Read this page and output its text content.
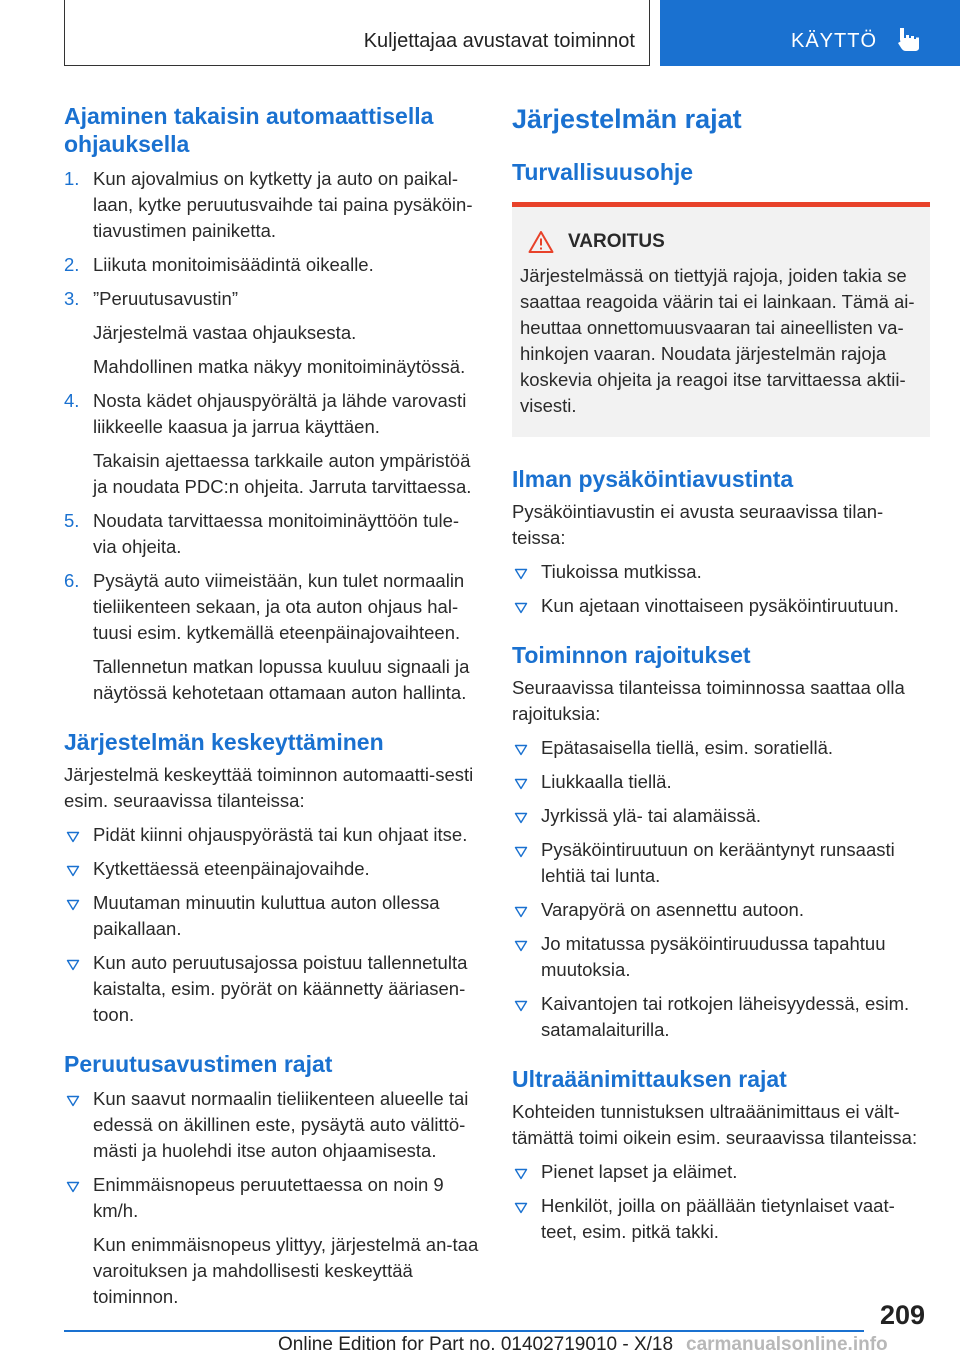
Kuljettajaa avustavat toiminnot	KÄYTTÖ
Ajaminen takaisin automaattisella ohjauksella
1. Kun ajovalmius on kytketty ja auto on paikal-laan, kytke peruutusvaihde tai paina pysäköin-tiavustimen painiketta.
2. Liikuta monitoimisäädintä oikealle.
3. ”Peruutusavustin”
Järjestelmä vastaa ohjauksesta.
Mahdollinen matka näkyy monitoiminäytössä.
4. Nosta kädet ohjauspyörältä ja lähde varovasti liikkeelle kaasua ja jarrua käyttäen.
Takaisin ajettaessa tarkkaile auton ympäristöä ja noudata PDC:n ohjeita. Jarruta tarvittaessa.
5. Noudata tarvittaessa monitoiminäyttöön tule-via ohjeita.
6. Pysäytä auto viimeistään, kun tulet normaalin tieliikenteen sekaan, ja ota auton ohjaus hal-tuusi esim. kytkemällä eteenpäinajovaihteen.
Tallennetun matkan lopussa kuuluu signaali ja näytössä kehotetaan ottamaan auton hallinta.
Järjestelmän keskeyttäminen
Järjestelmä keskeyttää toiminnon automaatti-sesti esim. seuraavissa tilanteissa:
Pidät kiinni ohjauspyörästä tai kun ohjaat itse.
Kytkettäessä eteenpäinajovaihde.
Muutaman minuutin kuluttua auton ollessa paikallaan.
Kun auto peruutusajossa poistuu tallennetulta kaistalta, esim. pyörät on käännetty ääriasen-toon.
Peruutusavustimen rajat
Kun saavut normaalin tieliikenteen alueelle tai edessä on äkillinen este, pysäytä auto välittö-mästi ja huolehdi itse auton ohjaamisesta.
Enimmäisnopeus peruutettaessa on noin 9 km/h.
Kun enimmäisnopeus ylittyy, järjestelmä an-taa varoituksen ja mahdollisesti keskeyttää toiminnon.
Järjestelmän rajat
Turvallisuusohje
VAROITUS
Järjestelmässä on tiettyjä rajoja, joiden takia se saattaa reagoida väärin tai ei lainkaan. Tämä ai-heuttaa onnettomuusvaaran tai aineellisten va-hinkojen vaaran. Noudata järjestelmän rajoja koskevia ohjeita ja reagoi itse tarvittaessa aktii-visesti.
Ilman pysäköintiavustinta
Pysäköintiavustin ei avusta seuraavissa tilan-teissa:
Tiukoissa mutkissa.
Kun ajetaan vinottaiseen pysäköintiruutuun.
Toiminnon rajoitukset
Seuraavissa tilanteissa toiminnossa saattaa olla rajoituksia:
Epätasaisella tiellä, esim. soratiellä.
Liukkaalla tiellä.
Jyrkissä ylä- tai alamäissä.
Pysäköintiruutuun on kerääntynyt runsaasti lehtiä tai lunta.
Varapyörä on asennettu autoon.
Jo mitatussa pysäköintiruudussa tapahtuu muutoksia.
Kaivantojen tai rotkojen läheisyydessä, esim. satamalaiturilla.
Ultraäänimittauksen rajat
Kohteiden tunnistuksen ultraäänimittaus ei vält-tämättä toimi oikein esim. seuraavissa tilanteissa:
Pienet lapset ja eläimet.
Henkilöt, joilla on päällään tietynlaiset vaat-teet, esim. pitkä takki.
209
Online Edition for Part no. 01402719010 - X/18 carmanualsonline.info
